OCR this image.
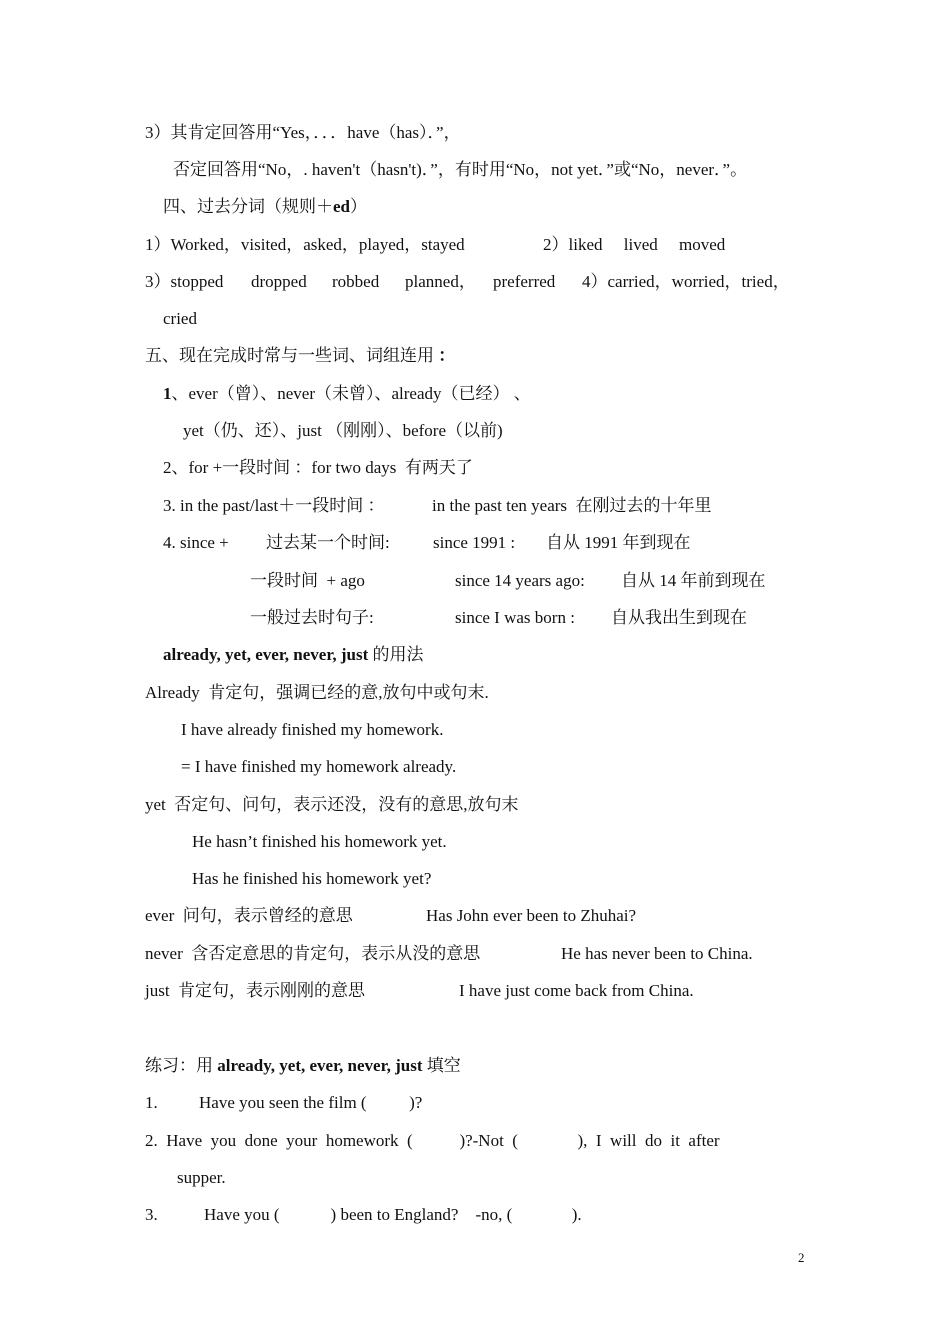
3）其肯定回答用“Yes，．．．have（has）．”，
否定回答用“No，. haven't（hasn't)．”，有时用“No，not yet．”或“No，never．”。
四、过去分词（规则＋ed）
1）Worked，visited，asked，played，stayed	2）liked     lived     moved
3）stopped dropped robbed planned， preferred 4）carried，worried，tried，
cried
五、现在完成时常与一些词、词组连用 ：
1、ever（曾）、never（未曾）、already（已经） 、
yet（仍、还）、just （刚刚）、before（以前)
2、for +一段时间 ：for two days  有两天了
3. in the past/last＋一段时间 ：	in the past ten years  在刚过去的十年里
4. since + 过去某一个时间:	since 1991 : 自从 1991 年到现在
一段时间  + ago	since 14 years ago: 自从 14 年前到现在
一般过去时句子:	since I was born : 自从我出生到现在
already, yet, ever, never, just 的用法
Already  肯定句，强调已经的意,放句中或句末.
I have already finished my homework.
= I have finished my homework already.
yet  否定句、问句，表示还没，没有的意思,放句末
He hasn’t finished his homework yet.
Has he finished his homework yet?
ever  问句，表示曾经的意思	Has John ever been to Zhuhai?
never  含否定意思的肯定句，表示从没的意思	He has never been to China.
just  肯定句，表示刚刚的意思	I have just come back from China.
练习：用 already, yet, ever, never, just 填空
1. Have you seen the film (          )?
2.  Have  you  done  your  homework  (           )?-Not  (              ),  I  will  do  it  after
supper.
3.	Have you (            ) been to England?    -no, (              ).
2
